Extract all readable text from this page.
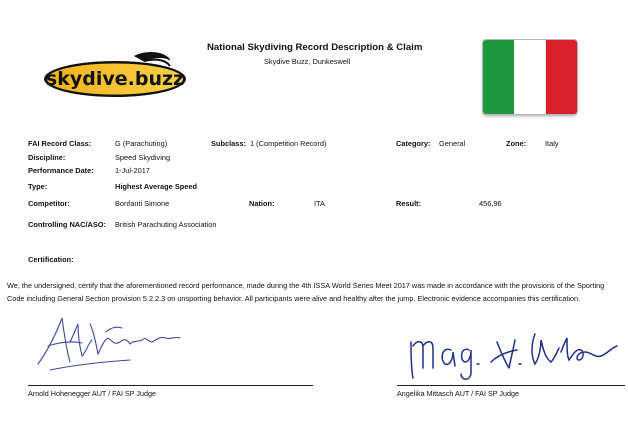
National Skydiving Record Description & Claim
Skydive Buzz, Dunkeswell
skydive.buzz
FAI Record Class:	G (Parachuting)	Subclass: 1 (Competition Record)	Category: General	Zone:	Italy
Discipline:	Speed Skydiving
Performance Date:	1-Jul-2017
Type:	Highest Average Speed
Competitor:	Bonfanti Simone	Nation:	ITA	Result:	456,96
Controlling NAC/ASO: British Parachuting Association
Certification:
We, the undersigned, certify that the aforementioned record performance, made during the 4th ISSA World Series Meet 2017 was made in accordance with the provisions of the Sporting Code including General Section provision 5.2.2.3 on unsporting behavior. All participants were alive and healthy after the jump. Electronic evidence accompanies this certification.
Arnold Hohenegger AUT / FAI SP Judge	Angelika Mittasch AUT / FAI SP Judge
